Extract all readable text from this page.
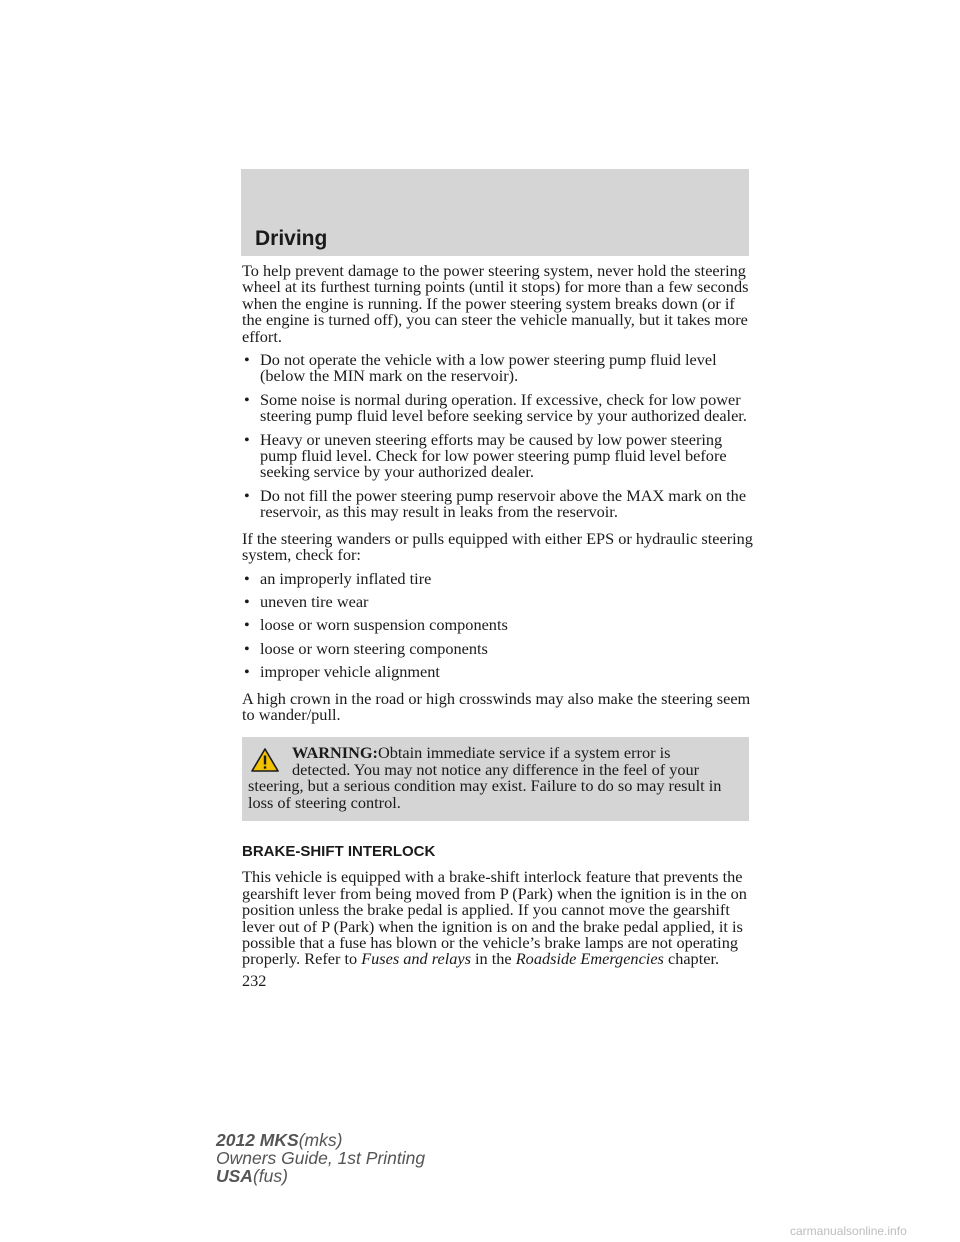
Driving

To help prevent damage to the power steering system, never hold the steering wheel at its furthest turning points (until it stops) for more than a few seconds when the engine is running. If the power steering system breaks down (or if the engine is turned off), you can steer the vehicle manually, but it takes more effort.

• Do not operate the vehicle with a low power steering pump fluid level (below the MIN mark on the reservoir).
• Some noise is normal during operation. If excessive, check for low power steering pump fluid level before seeking service by your authorized dealer.
• Heavy or uneven steering efforts may be caused by low power steering pump fluid level. Check for low power steering pump fluid level before seeking service by your authorized dealer.
• Do not fill the power steering pump reservoir above the MAX mark on the reservoir, as this may result in leaks from the reservoir.

If the steering wanders or pulls equipped with either EPS or hydraulic steering system, check for:

• an improperly inflated tire
• uneven tire wear
• loose or worn suspension components
• loose or worn steering components
• improper vehicle alignment

A high crown in the road or high crosswinds may also make the steering seem to wander/pull.

WARNING:Obtain immediate service if a system error is

detected. You may not notice any difference in the feel of your

steering, but a serious condition may exist. Failure to do so may result in loss of steering control.

BRAKE-SHIFT INTERLOCK

This vehicle is equipped with a brake-shift interlock feature that prevents the gearshift lever from being moved from P (Park) when the ignition is in the on position unless the brake pedal is applied. If you cannot move the gearshift lever out of P (Park) when the ignition is on and the brake pedal applied, it is possible that a fuse has blown or the vehicle’s brake lamps are not operating properly. Refer to Fuses and relays in the Roadside Emergencies chapter.

232

2012 MKS(mks)
Owners Guide, 1st Printing
USA(fus)
carmanualsonline.info
